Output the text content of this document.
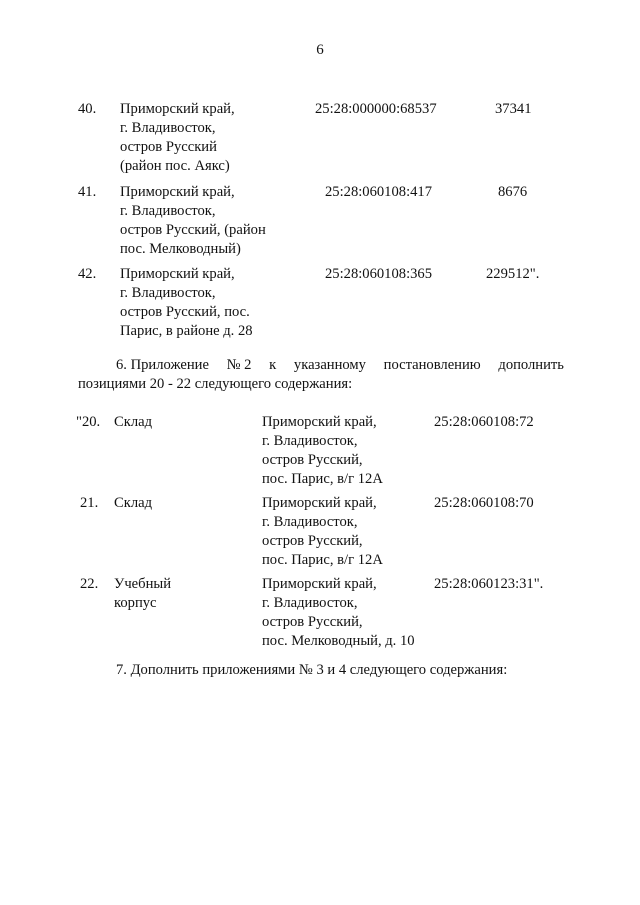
6
40. Приморский край,
г. Владивосток,
остров Русский
(район пос. Аякс)
25:28:000000:68537	37341
41. Приморский край,
г. Владивосток,
остров Русский, (район
пос. Мелководный)
25:28:060108:417	8676
42. Приморский край,
г. Владивосток,
остров Русский, пос.
Парис, в районе д. 28
25:28:060108:365	229512".
6. Приложение № 2 к указанному постановлению дополнить
позициями 20 - 22 следующего содержания:
"20. Склад	Приморский край,
г. Владивосток,
остров Русский,
пос. Парис, в/г 12А
25:28:060108:72
21. Склад	Приморский край,
г. Владивосток,
остров Русский,
пос. Парис, в/г 12А
25:28:060108:70
22. Учебный корпус
Приморский край,
г. Владивосток,
остров Русский,
пос. Мелководный, д. 10
25:28:060123:31".
7. Дополнить приложениями № 3 и 4 следующего содержания:
